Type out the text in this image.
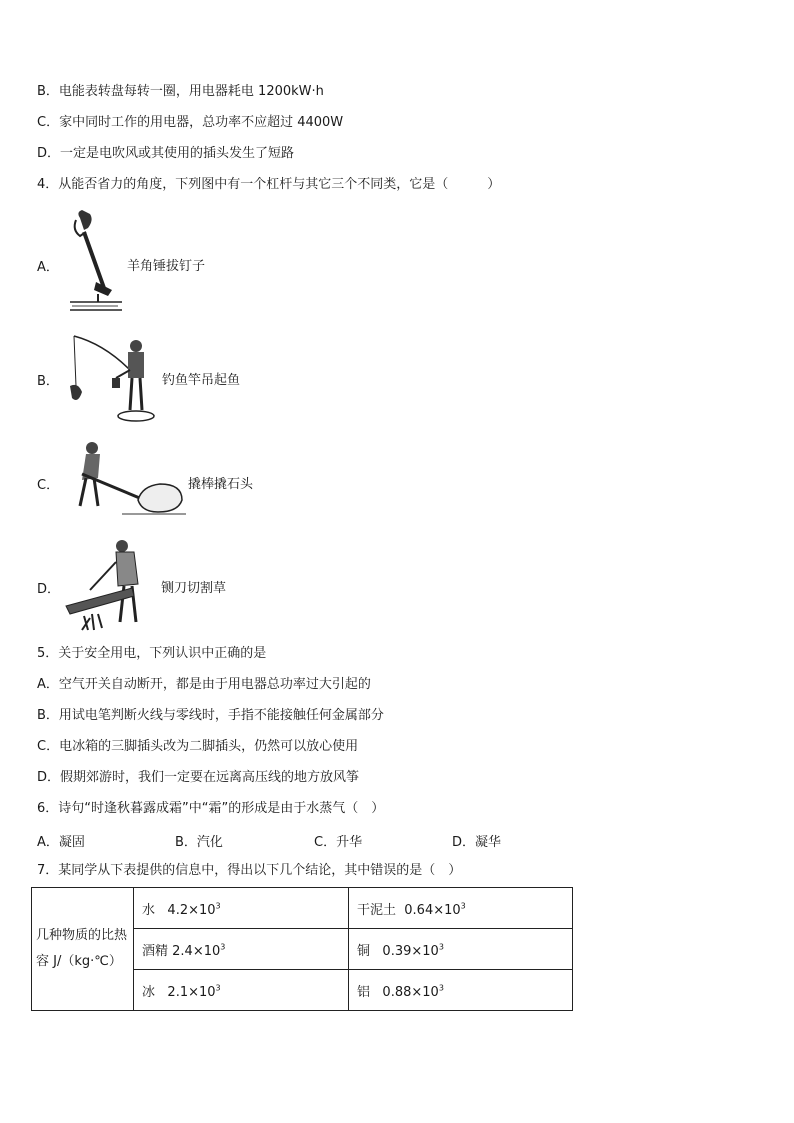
B．电能表转盘每转一圈，用电器耗电 1200kW·h
C．家中同时工作的用电器，总功率不应超过 4400W
D．一定是电吹风或其使用的插头发生了短路
4．从能否省力的角度，下列图中有一个杠杆与其它三个不同类，它是（　　　）
A．	羊角锤拔钉子
B．	钓鱼竿吊起鱼
C．	撬棒撬石头
D．	铡刀切割草
5．关于安全用电，下列认识中正确的是
A．空气开关自动断开，都是由于用电器总功率过大引起的
B．用试电笔判断火线与零线时，手指不能接触任何金属部分
C．电冰箱的三脚插头改为二脚插头，仍然可以放心使用
D．假期郊游时，我们一定要在远离高压线的地方放风筝
6．诗句“时逢秋暮露成霜”中“霜”的形成是由于水蒸气（　）
A．凝固	B．汽化	C．升华	D．凝华
7．某同学从下表提供的信息中，得出以下几个结论，其中错误的是（　）
几种物质的比热
容 J/（kg·℃）	水 $4.2\times 10^3$	干泥土 $0.64\times 10^3$
	酒精 $2.4\times 10^3$	铜 $0.39\times 10^3$
	冰 $2.1\times 10^3$	铝 $0.88\times 10^3$
